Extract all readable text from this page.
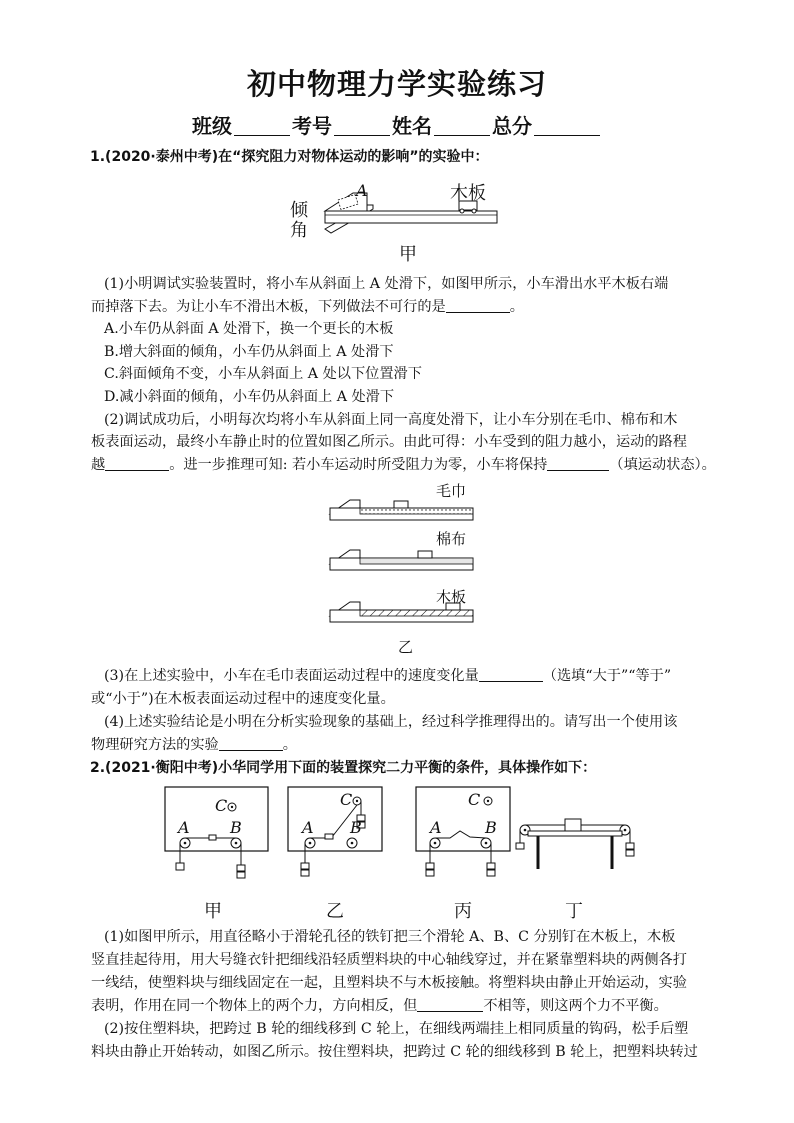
初中物理力学实验练习
班级	考号	姓名	总分
1.(2020·泰州中考)在“探究阻力对物体运动的影响”的实验中：
A	木板
倾
角
甲
(1)小明调试实验装置时，将小车从斜面上 A 处滑下，如图甲所示，小车滑出水平木板右端
而掉落下去。为让小车不滑出木板，下列做法不可行的是	。
A.小车仍从斜面 A 处滑下，换一个更长的木板
B.增大斜面的倾角，小车仍从斜面上 A 处滑下
C.斜面倾角不变，小车从斜面上 A 处以下位置滑下
D.减小斜面的倾角，小车仍从斜面上 A 处滑下
(2)调试成功后，小明每次均将小车从斜面上同一高度处滑下，让小车分别在毛巾、棉布和木
板表面运动，最终小车静止时的位置如图乙所示。由此可得：小车受到的阻力越小，运动的路程
越	。进一步推理可知: 若小车运动时所受阻力为零，小车将保持	（填运动状态）。
毛巾
棉布
木板
乙
(3)在上述实验中，小车在毛巾表面运动过程中的速度变化量	（选填“大于”“等于”
或“小于”)在木板表面运动过程中的速度变化量。
(4)上述实验结论是小明在分析实验现象的基础上，经过科学推理得出的。请写出一个使用该
物理研究方法的实验	。
2.(2021·衡阳中考)小华同学用下面的装置探究二力平衡的条件，具体操作如下：
C
A	B
C
A B
C
A	B
甲	乙	丙	丁
(1)如图甲所示，用直径略小于滑轮孔径的铁钉把三个滑轮 A、B、C 分别钉在木板上，木板
竖直挂起待用，用大号缝衣针把细线沿轻质塑料块的中心轴线穿过，并在紧靠塑料块的两侧各打
一线结，使塑料块与细线固定在一起，且塑料块不与木板接触。将塑料块由静止开始运动，实验
表明，作用在同一个物体上的两个力，方向相反，但	不相等，则这两个力不平衡。
(2)按住塑料块，把跨过 B 轮的细线移到 C 轮上，在细线两端挂上相同质量的钩码，松手后塑
料块由静止开始转动，如图乙所示。按住塑料块，把跨过 C 轮的细线移到 B 轮上，把塑料块转过
